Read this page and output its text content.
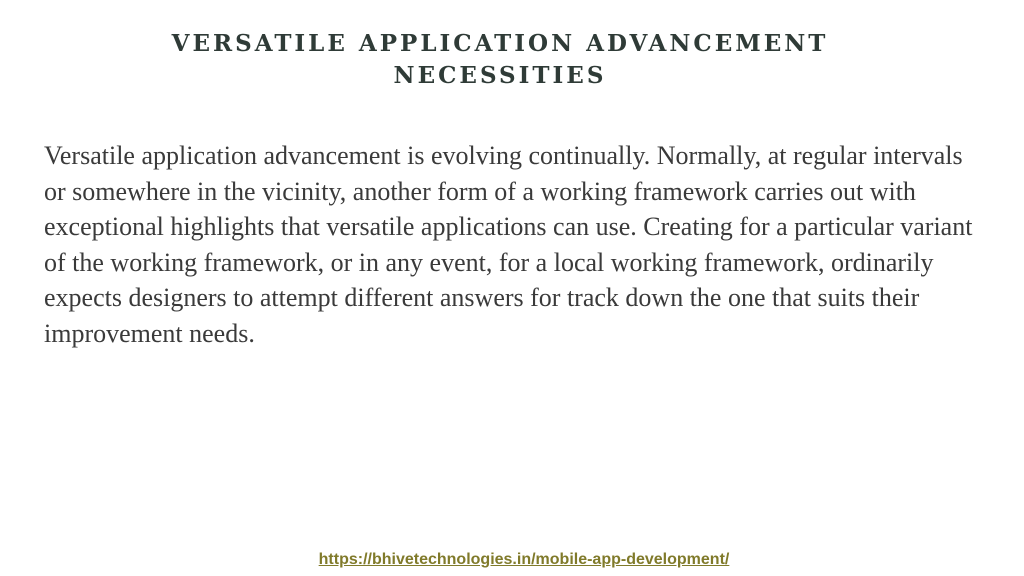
VERSATILE APPLICATION ADVANCEMENT NECESSITIES

Versatile application advancement is evolving continually. Normally, at regular intervals or somewhere in the vicinity, another form of a working framework carries out with exceptional highlights that versatile applications can use. Creating for a particular variant of the working framework, or in any event, for a local working framework, ordinarily expects designers to attempt different answers for track down the one that suits their improvement needs.

https://bhivetechnologies.in/mobile-app-development/
